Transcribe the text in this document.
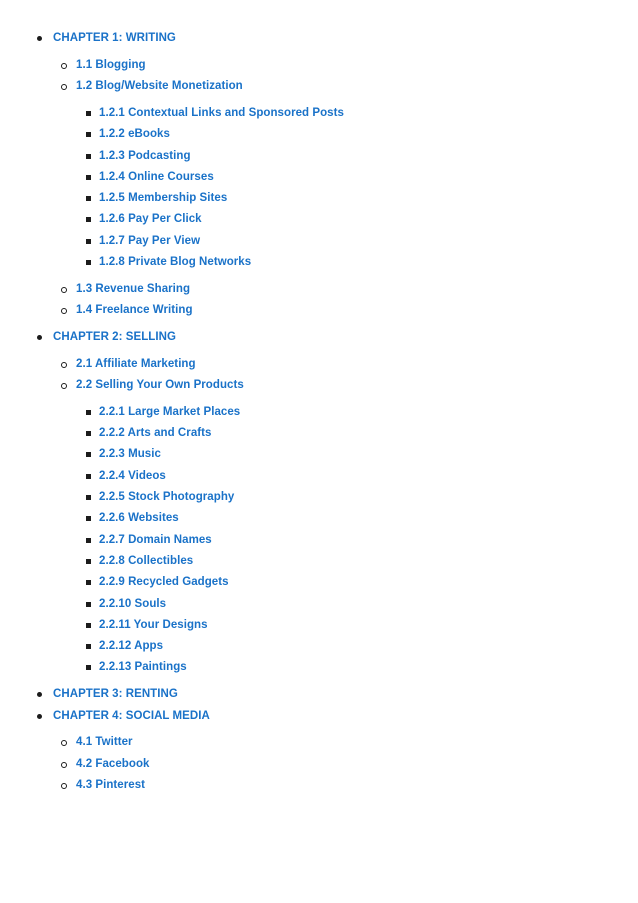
CHAPTER 1: WRITING
1.1 Blogging
1.2 Blog/Website Monetization
1.2.1 Contextual Links and Sponsored Posts
1.2.2 eBooks
1.2.3 Podcasting
1.2.4 Online Courses
1.2.5 Membership Sites
1.2.6 Pay Per Click
1.2.7 Pay Per View
1.2.8 Private Blog Networks
1.3 Revenue Sharing
1.4 Freelance Writing
CHAPTER 2: SELLING
2.1 Affiliate Marketing
2.2 Selling Your Own Products
2.2.1 Large Market Places
2.2.2 Arts and Crafts
2.2.3 Music
2.2.4 Videos
2.2.5 Stock Photography
2.2.6 Websites
2.2.7 Domain Names
2.2.8 Collectibles
2.2.9 Recycled Gadgets
2.2.10 Souls
2.2.11 Your Designs
2.2.12 Apps
2.2.13 Paintings
CHAPTER 3: RENTING
CHAPTER 4: SOCIAL MEDIA
4.1 Twitter
4.2 Facebook
4.3 Pinterest
